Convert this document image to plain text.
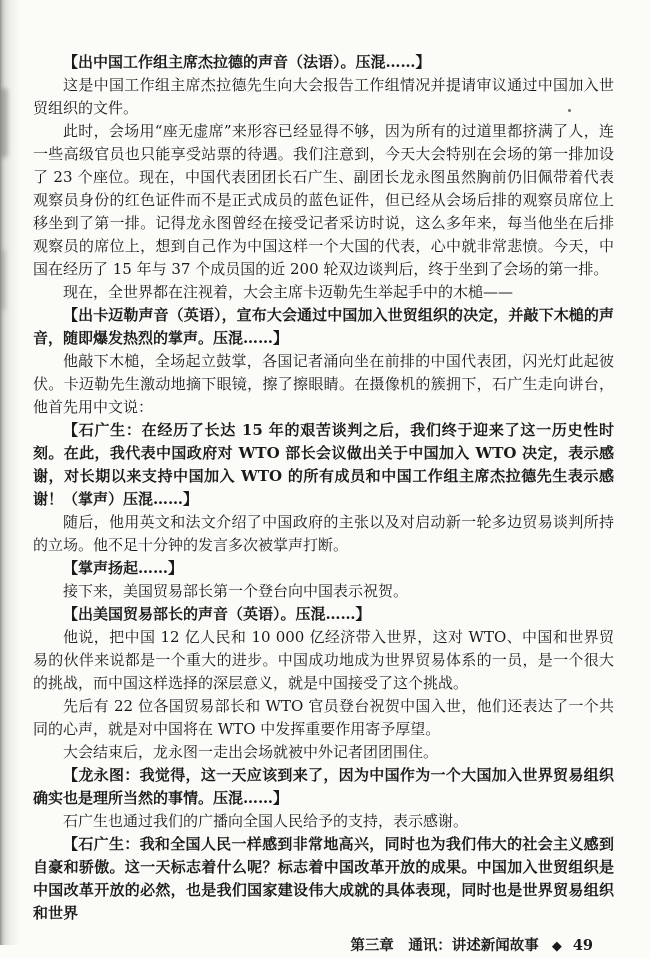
【出中国工作组主席杰拉德的声音（法语）。压混……】

这是中国工作组主席杰拉德先生向大会报告工作组情况并提请审议通过中国加入世贸组织的文件。

此时，会场用“座无虚席”来形容已经显得不够，因为所有的过道里都挤满了人，连一些高级官员也只能享受站票的待遇。我们注意到，今天大会特别在会场的第一排加设了 23 个座位。现在，中国代表团团长石广生、副团长龙永图虽然胸前仍旧佩带着代表观察员身份的红色证件而不是正式成员的蓝色证件，但已经从会场后排的观察员席位上移坐到了第一排。记得龙永图曾经在接受记者采访时说，这么多年来，每当他坐在后排观察员的席位上，想到自己作为中国这样一个大国的代表，心中就非常悲愤。今天，中国在经历了 15 年与 37 个成员国的近 200 轮双边谈判后，终于坐到了会场的第一排。

现在，全世界都在注视着，大会主席卡迈勒先生举起手中的木槌——

【出卡迈勒声音（英语），宣布大会通过中国加入世贸组织的决定，并敲下木槌的声音，随即爆发热烈的掌声。压混……】

他敲下木槌，全场起立鼓掌，各国记者涌向坐在前排的中国代表团，闪光灯此起彼伏。卡迈勒先生激动地摘下眼镜，擦了擦眼睛。在摄像机的簇拥下，石广生走向讲台，他首先用中文说：

【石广生：在经历了长达 15 年的艰苦谈判之后，我们终于迎来了这一历史性时刻。在此，我代表中国政府对 WTO 部长会议做出关于中国加入 WTO 决定，表示感谢，对长期以来支持中国加入 WTO 的所有成员和中国工作组主席杰拉德先生表示感谢！（掌声）压混……】

随后，他用英文和法文介绍了中国政府的主张以及对启动新一轮多边贸易谈判所持的立场。他不足十分钟的发言多次被掌声打断。

【掌声扬起……】

接下来，美国贸易部长第一个登台向中国表示祝贺。

【出美国贸易部长的声音（英语）。压混……】

他说，把中国 12 亿人民和 10 000 亿经济带入世界，这对 WTO、中国和世界贸易的伙伴来说都是一个重大的进步。中国成功地成为世界贸易体系的一员，是一个很大的挑战，而中国这样选择的深层意义，就是中国接受了这个挑战。

先后有 22 位各国贸易部长和 WTO 官员登台祝贺中国入世，他们还表达了一个共同的心声，就是对中国将在 WTO 中发挥重要作用寄予厚望。

大会结束后，龙永图一走出会场就被中外记者团团围住。

【龙永图：我觉得，这一天应该到来了，因为中国作为一个大国加入世界贸易组织确实也是理所当然的事情。压混……】

石广生也通过我们的广播向全国人民给予的支持，表示感谢。

【石广生：我和全国人民一样感到非常地高兴，同时也为我们伟大的社会主义感到自豪和骄傲。这一天标志着什么呢？标志着中国改革开放的成果。中国加入世贸组织是中国改革开放的必然，也是我们国家建设伟大成就的具体表现，同时也是世界贸易组织和世界

第三章 通讯：讲述新闻故事 ◆ 49
